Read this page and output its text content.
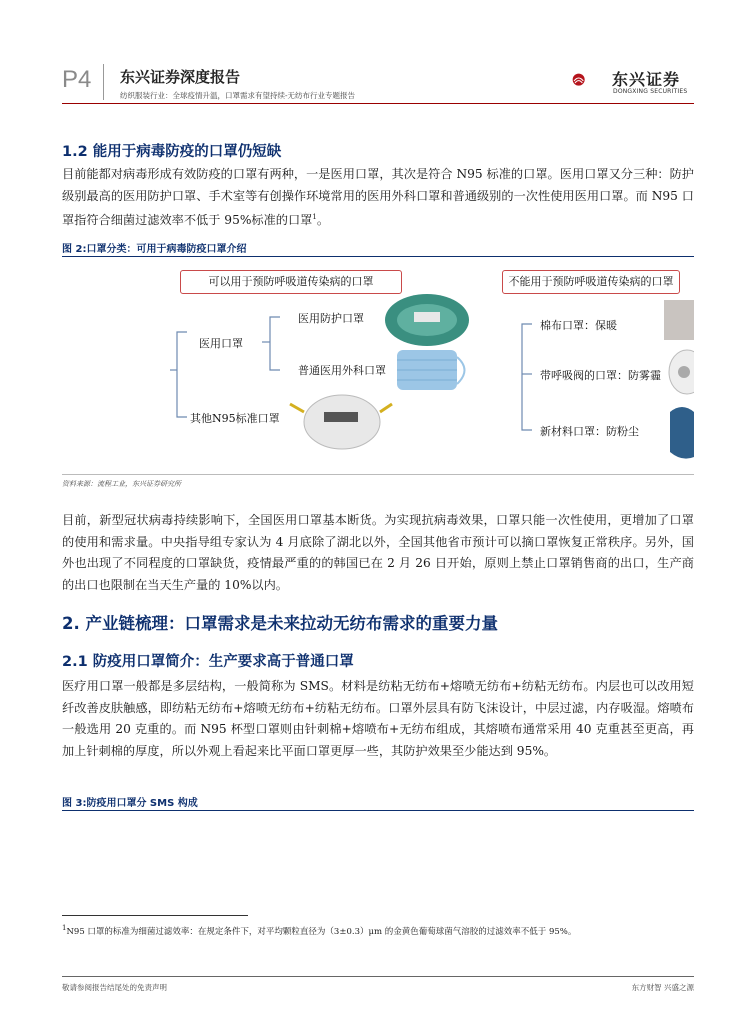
P4 东兴证券深度报告
纺织服装行业：全球疫情升温，口罩需求有望持续-无纺布行业专题报告
东兴证券
DONGXING SECURITIES
1.2 能用于病毒防疫的口罩仍短缺
目前能都对病毒形成有效防疫的口罩有两种，一是医用口罩，其次是符合 N95 标准的口罩。医用口罩又分三种：防护级别最高的医用防护口罩、手术室等有创操作环境常用的医用外科口罩和普通级别的一次性使用医用口罩。而 N95 口罩指符合细菌过滤效率不低于 95%标准的口罩$^1$。
图 2:口罩分类：可用于病毒防疫口罩介绍
可以用于预防呼吸道传染病的口罩	不能用于预防呼吸道传染病的口罩
医用口罩
医用防护口罩
普通医用外科口罩
其他N95标准口罩
棉布口罩：保暖
带呼吸阀的口罩：防雾霾
新材料口罩：防粉尘
资料来源：流程工业，东兴证券研究所
目前，新型冠状病毒持续影响下，全国医用口罩基本断货。为实现抗病毒效果，口罩只能一次性使用，更增加了口罩的使用和需求量。中央指导组专家认为 4 月底除了湖北以外，全国其他省市预计可以摘口罩恢复正常秩序。另外，国外也出现了不同程度的口罩缺货，疫情最严重的的韩国已在 2 月 26 日开始，原则上禁止口罩销售商的出口，生产商的出口也限制在当天生产量的 10%以内。
2. 产业链梳理：口罩需求是未来拉动无纺布需求的重要力量
2.1 防疫用口罩简介：生产要求高于普通口罩
医疗用口罩一般都是多层结构，一般简称为 SMS。材料是纺粘无纺布+熔喷无纺布+纺粘无纺布。内层也可以改用短纤改善皮肤触感，即纺粘无纺布+熔喷无纺布+纺粘无纺布。口罩外层具有防飞沫设计，中层过滤，内存吸湿。熔喷布一般选用 20 克重的。而 N95 杯型口罩则由针刺棉+熔喷布+无纺布组成，其熔喷布通常采用 40 克重甚至更高，再加上针刺棉的厚度，所以外观上看起来比平面口罩更厚一些，其防护效果至少能达到 95%。
图 3:防疫用口罩分 SMS 构成
$^1$N95 口罩的标准为细菌过滤效率：在规定条件下，对平均颗粒直径为（3±0.3）μm 的金黄色葡萄球菌气溶胶的过滤效率不低于 95%。
敬请参阅报告结尾处的免责声明	东方财智 兴盛之源
